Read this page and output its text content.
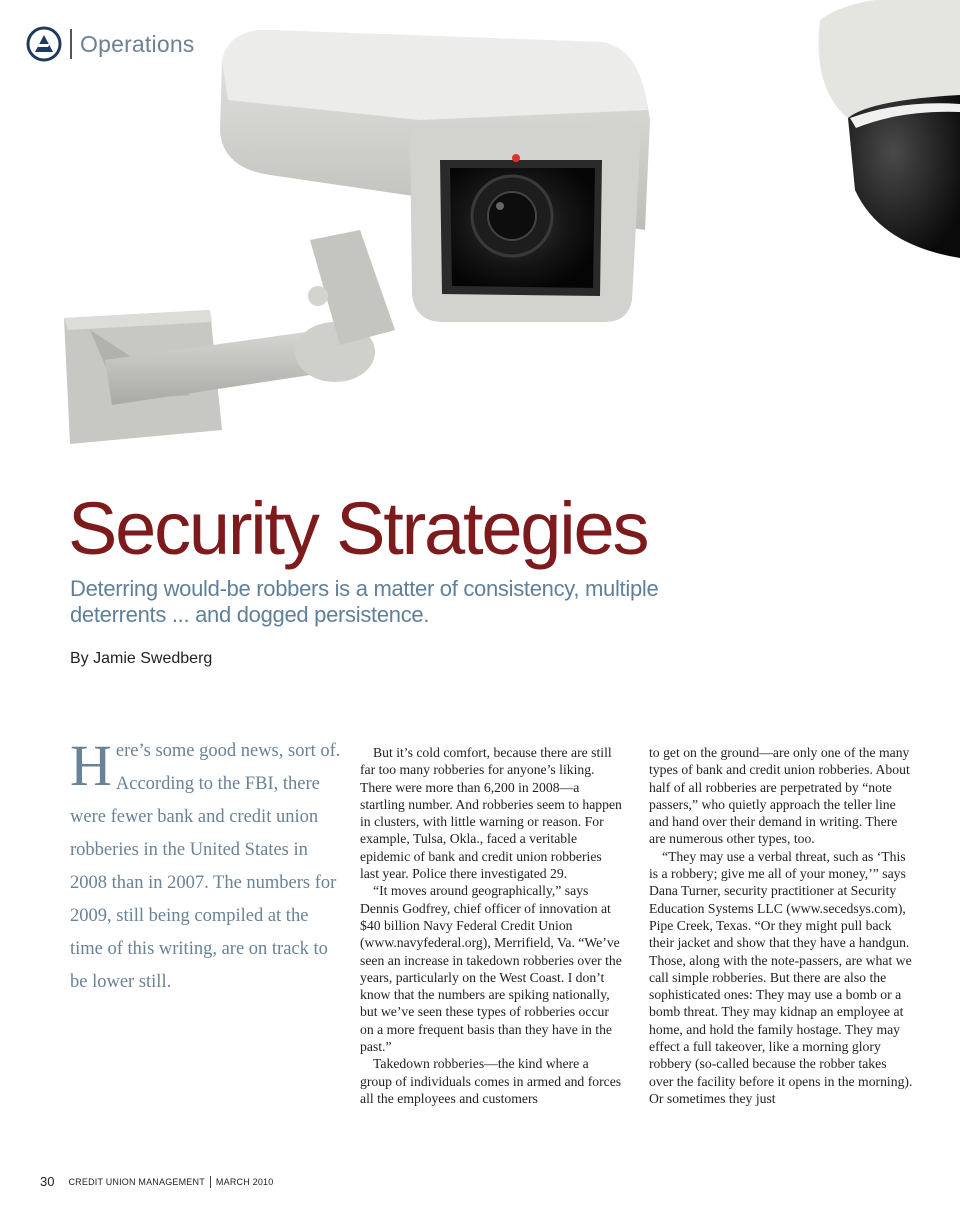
Operations
Security Strategies

Deterring would-be robbers is a matter of consistency, multiple deterrents ... and dogged persistence.

By Jamie Swedberg

H ere’s some good news, sort of. According to the FBI, there were fewer bank and credit union robberies in the United States in 2008 than in 2007. The numbers for 2009, still being compiled at the time of this writing, are on track to be lower still.

But it’s cold comfort, because there are still far too many robberies for anyone’s liking. There were more than 6,200 in 2008—a startling number. And robberies seem to happen in clusters, with little warning or reason. For example, Tulsa, Okla., faced a veritable epidemic of bank and credit union robberies last year. Police there investigated 29.

“It moves around geographically,” says Dennis Godfrey, chief officer of innovation at $40 billion Navy Federal Credit Union (www.navyfederal.org), Merrifield, Va. “We’ve seen an increase in takedown robberies over the years, particularly on the West Coast. I don’t know that the numbers are spiking nationally, but we’ve seen these types of robberies occur on a more frequent basis than they have in the past.”

Takedown robberies—the kind where a group of individuals comes in armed and forces all the employees and customers

to get on the ground—are only one of the many types of bank and credit union robberies. About half of all robberies are perpetrated by “note passers,” who quietly approach the teller line and hand over their demand in writing. There are numerous other types, too.

“They may use a verbal threat, such as ‘This is a robbery; give me all of your money,’” says Dana Turner, security practitioner at Security Education Systems LLC (www.secedsys.com), Pipe Creek, Texas. “Or they might pull back their jacket and show that they have a handgun. Those, along with the note-passers, are what we call simple robberies. But there are also the sophisticated ones: They may use a bomb or a bomb threat. They may kidnap an employee at home, and hold the family hostage. They may effect a full takeover, like a morning glory robbery (so-called because the robber takes over the facility before it opens in the morning). Or sometimes they just

30 CREDIT UNION MANAGEMENT MARCH 2010
